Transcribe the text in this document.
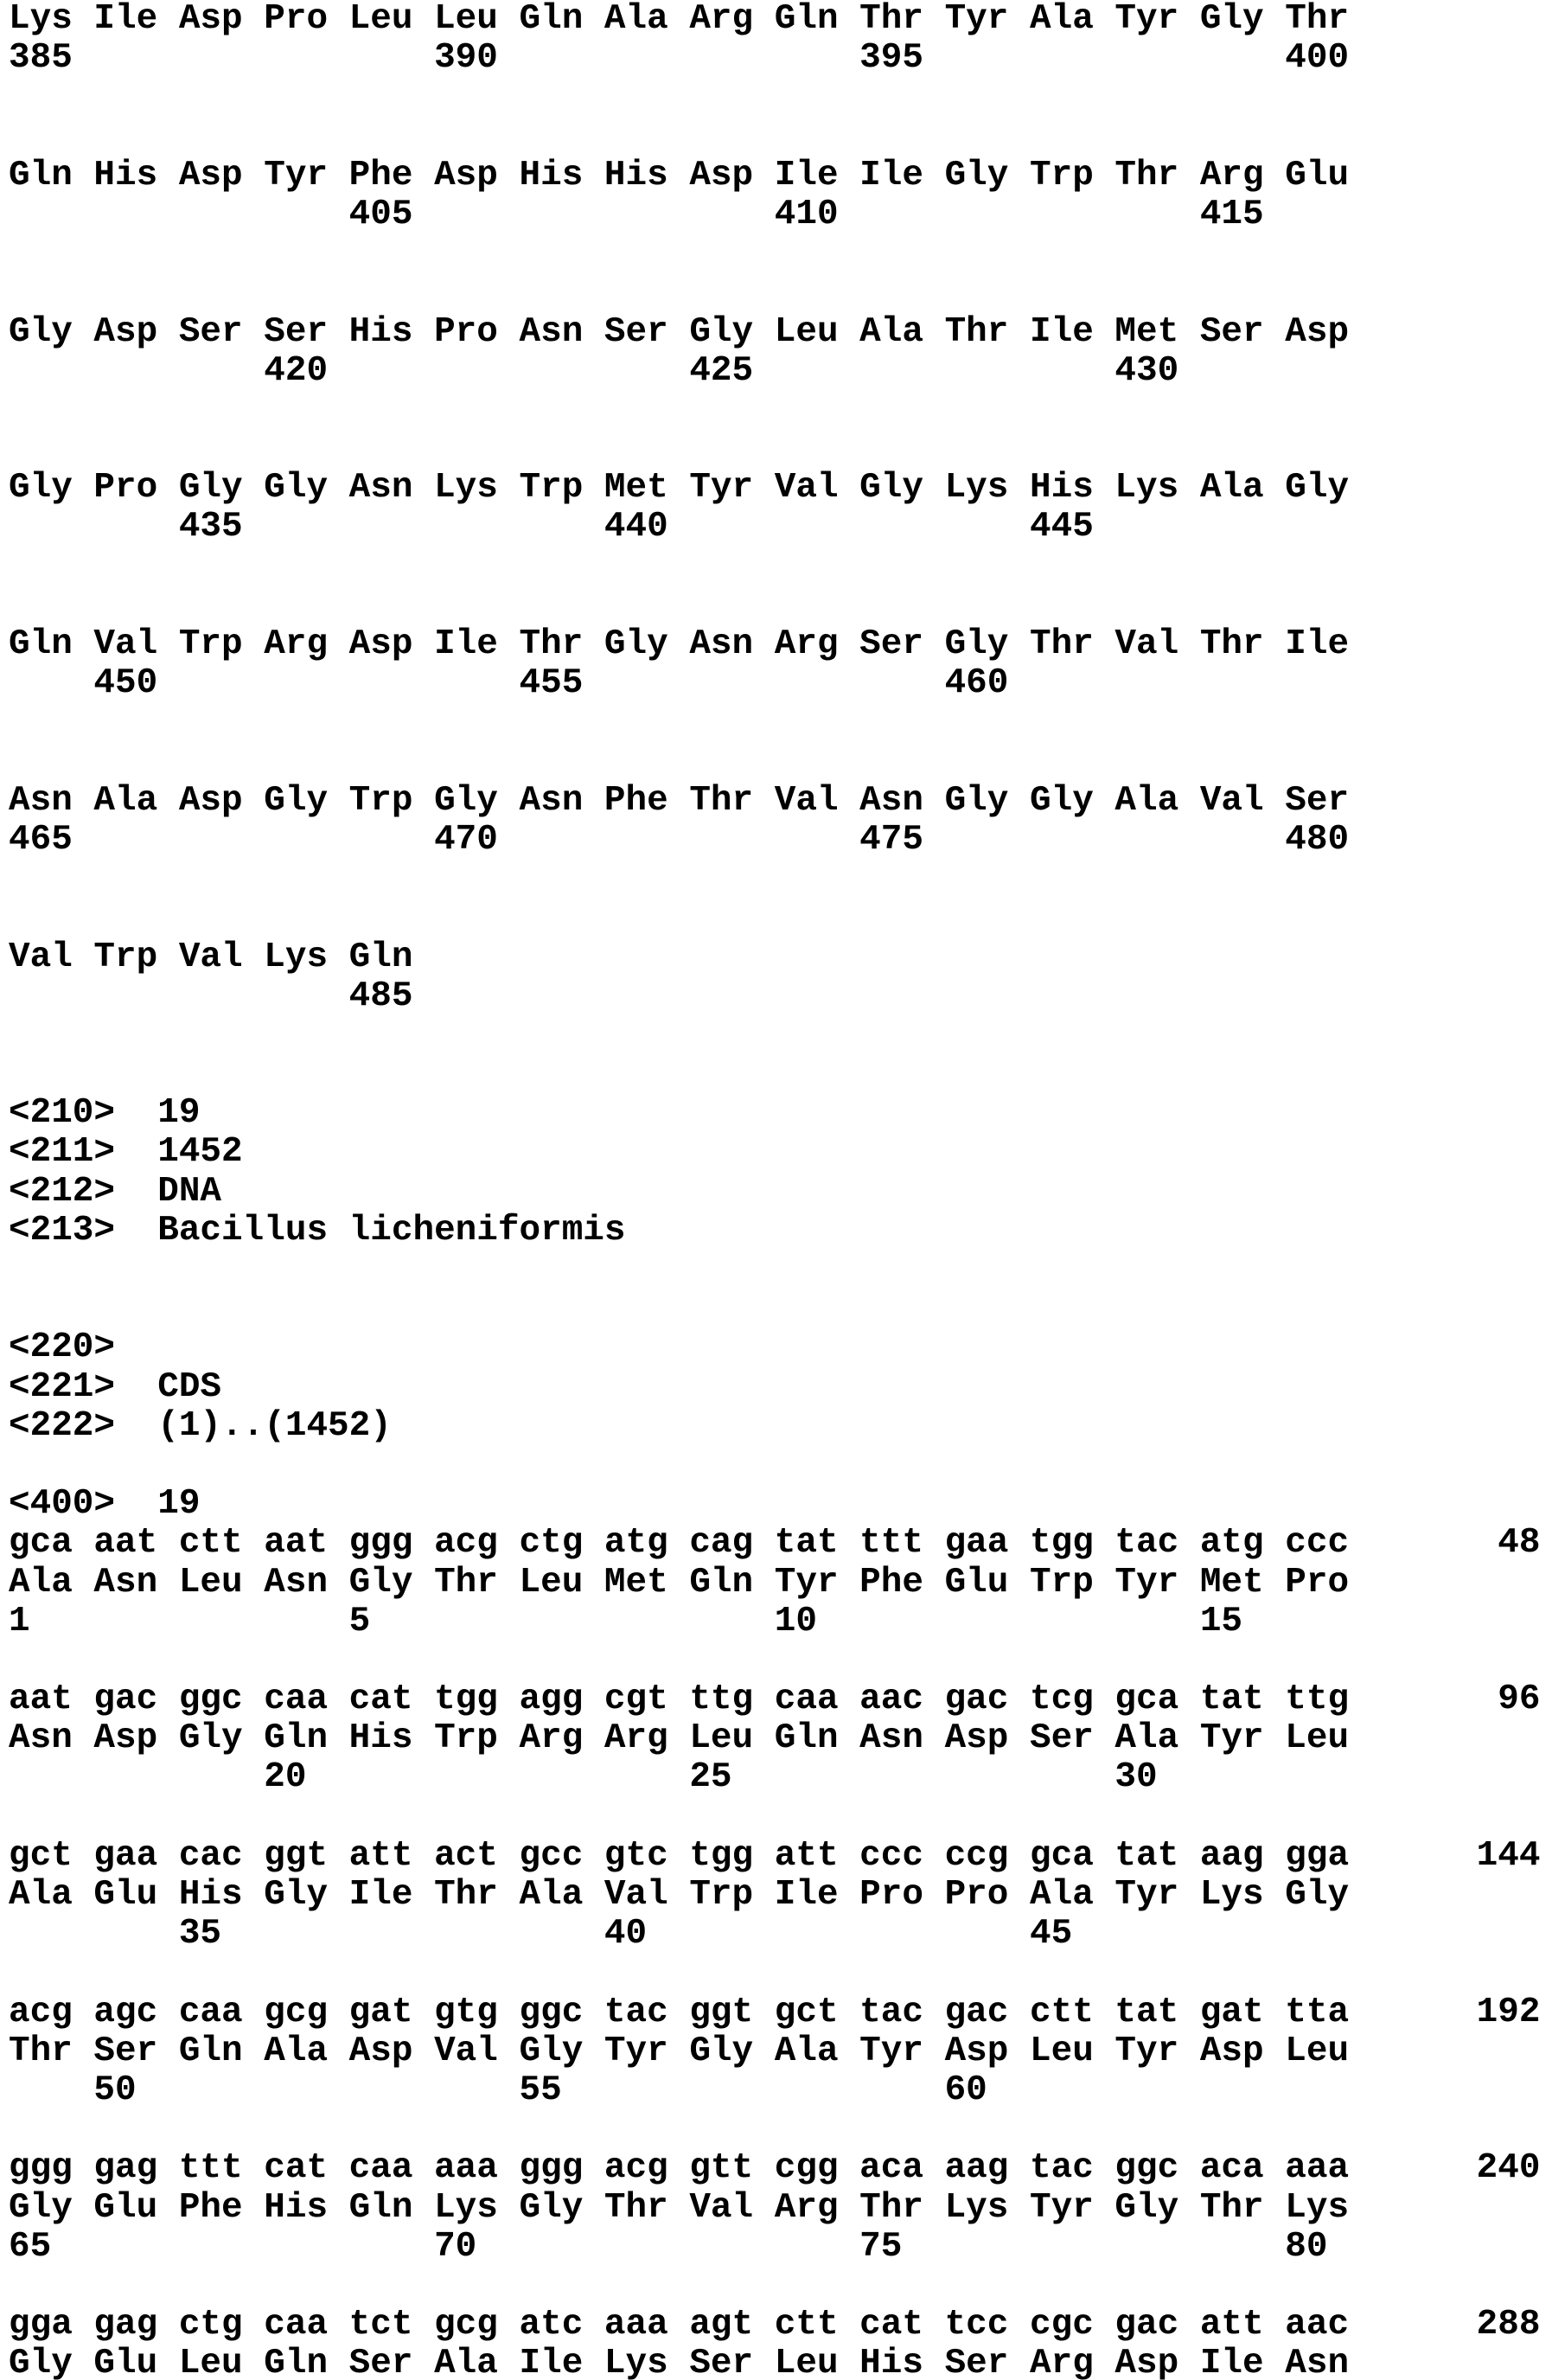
Lys Ile Asp Pro Leu Leu Gln Ala Arg Gln Thr Tyr Ala Tyr Gly Thr
385                 390                 395                 400
Gln His Asp Tyr Phe Asp His His Asp Ile Ile Gly Trp Thr Arg Glu
405                 410                 415
Gly Asp Ser Ser His Pro Asn Ser Gly Leu Ala Thr Ile Met Ser Asp
420                 425                 430
Gly Pro Gly Gly Asn Lys Trp Met Tyr Val Gly Lys His Lys Ala Gly
435                 440                 445
Gln Val Trp Arg Asp Ile Thr Gly Asn Arg Ser Gly Thr Val Thr Ile
450                 455                 460
Asn Ala Asp Gly Trp Gly Asn Phe Thr Val Asn Gly Gly Ala Val Ser
465                 470                 475                 480
Val Trp Val Lys Gln
485
<210>  19
<211>  1452
<212>  DNA
<213>  Bacillus licheniformis
<220>
<221>  CDS
<222>  (1)..(1452)
<400>  19
gca aat ctt aat ggg acg ctg atg cag tat ttt gaa tgg tac atg ccc       48
Ala Asn Leu Asn Gly Thr Leu Met Gln Tyr Phe Glu Trp Tyr Met Pro
1               5                   10                  15
aat gac ggc caa cat tgg agg cgt ttg caa aac gac tcg gca tat ttg       96
Asn Asp Gly Gln His Trp Arg Arg Leu Gln Asn Asp Ser Ala Tyr Leu
20                  25                  30
gct gaa cac ggt att act gcc gtc tgg att ccc ccg gca tat aag gga      144
Ala Glu His Gly Ile Thr Ala Val Trp Ile Pro Pro Ala Tyr Lys Gly
35                  40                  45
acg agc caa gcg gat gtg ggc tac ggt gct tac gac ctt tat gat tta      192
Thr Ser Gln Ala Asp Val Gly Tyr Gly Ala Tyr Asp Leu Tyr Asp Leu
50                  55                  60
ggg gag ttt cat caa aaa ggg acg gtt cgg aca aag tac ggc aca aaa      240
Gly Glu Phe His Gln Lys Gly Thr Val Arg Thr Lys Tyr Gly Thr Lys
65                  70                  75                  80
gga gag ctg caa tct gcg atc aaa agt ctt cat tcc cgc gac att aac      288
Gly Glu Leu Gln Ser Ala Ile Lys Ser Leu His Ser Arg Asp Ile Asn
